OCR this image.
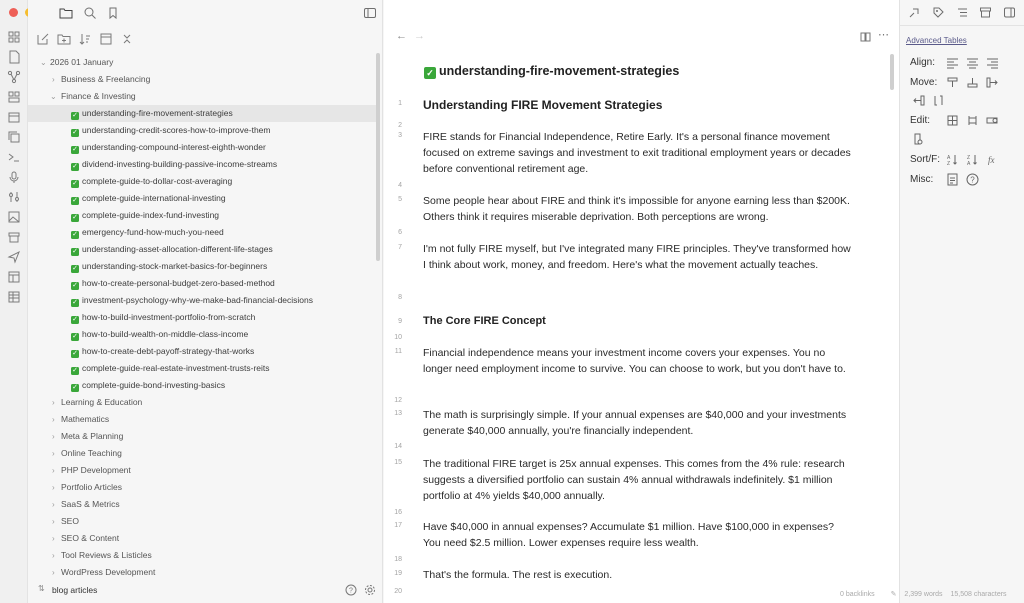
⌄ 2026 01 January
› Business & Freelancing
⌄ Finance & Investing
✓ understanding-fire-movement-strategies
✓ understanding-credit-scores-how-to-improve-them
✓ understanding-compound-interest-eighth-wonder
✓ dividend-investing-building-passive-income-streams
✓ complete-guide-to-dollar-cost-averaging
✓ complete-guide-international-investing
✓ complete-guide-index-fund-investing
✓ emergency-fund-how-much-you-need
✓ understanding-asset-allocation-different-life-stages
✓ understanding-stock-market-basics-for-beginners
✓ how-to-create-personal-budget-zero-based-method
✓ investment-psychology-why-we-make-bad-financial-decisions
✓ how-to-build-investment-portfolio-from-scratch
✓ how-to-build-wealth-on-middle-class-income
✓ how-to-create-debt-payoff-strategy-that-works
✓ complete-guide-real-estate-investment-trusts-reits
✓ complete-guide-bond-investing-basics
› Learning & Education
› Mathematics
› Meta & Planning
› Online Teaching
› PHP Development
› Portfolio Articles
› SaaS & Metrics
› SEO
› SEO & Content
› Tool Reviews & Listicles
› WordPress Development
⇅ blog articles	?
← →	⋯
✓ understanding-fire-movement-strategies
1 Understanding FIRE Movement Strategies
2
3 FIRE stands for Financial Independence, Retire Early. It's a personal finance movement focused on extreme savings and investment to exit traditional employment years or decades before conventional retirement age.
4
5 Some people hear about FIRE and think it's impossible for anyone earning less than $200K. Others think it requires miserable deprivation. Both perceptions are wrong.
6
7 I'm not fully FIRE myself, but I've integrated many FIRE principles. They've transformed how I think about work, money, and freedom. Here's what the movement actually teaches.
8
9 The Core FIRE Concept
10
11 Financial independence means your investment income covers your expenses. You no longer need employment income to survive. You can choose to work, but you don't have to.
12
13 The math is surprisingly simple. If your annual expenses are $40,000 and your investments generate $40,000 annually, you're financially independent.
14
15 The traditional FIRE target is 25x annual expenses. This comes from the 4% rule: research suggests a diversified portfolio can sustain 4% annual withdrawals indefinitely. $1 million portfolio at 4% yields $40,000 annually.
16
17 Have $40,000 in annual expenses? Accumulate $1 million. Have $100,000 in expenses? You need $2.5 million. Lower expenses require less wealth.
18
19 That's the formula. The rest is execution.
20
Advanced Tables
Align:
Move:
Edit:
Sort/F: A
Z
Z
A fx
Misc:	?
0 backlinks ✎ 2,399 words 15,508 characters
